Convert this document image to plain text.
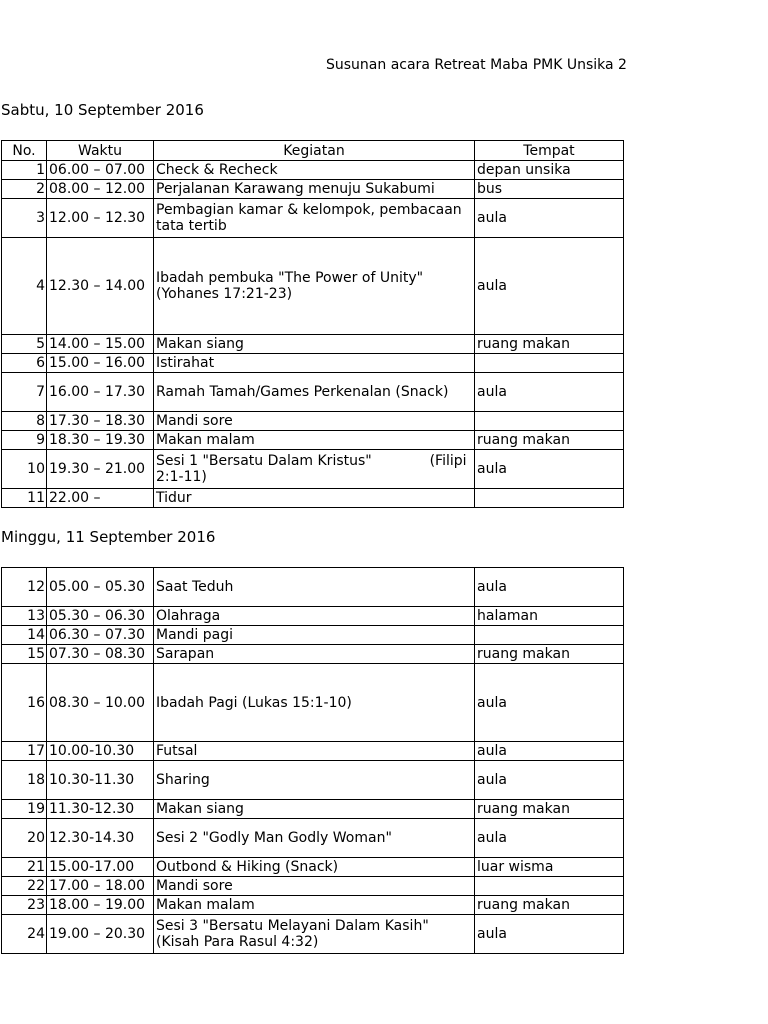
Susunan acara Retreat Maba PMK Unsika 2
Sabtu, 10 September 2016
No.	Waktu	Kegiatan	Tempat
1	06.00 – 07.00	Check & Recheck	depan unsika
2	08.00 – 12.00	Perjalanan Karawang menuju Sukabumi	bus
3	12.00 – 12.30	Pembagian kamar & kelompok, pembacaan tata tertib	aula
4	12.30 – 14.00	Ibadah pembuka "The Power of Unity" (Yohanes 17:21-23)	aula
5	14.00 – 15.00	Makan siang	ruang makan
6	15.00 – 16.00	Istirahat	
7	16.00 – 17.30	Ramah Tamah/Games Perkenalan (Snack)	aula
8	17.30 – 18.30	Mandi sore	
9	18.30 – 19.30	Makan malam	ruang makan
10	19.30 – 21.00	Sesi 1 "Bersatu Dalam Kristus"             (Filipi 2:1-11)	aula
11	22.00 –	Tidur	
Minggu, 11 September 2016
12	05.00 – 05.30	Saat Teduh	aula
13	05.30 – 06.30	Olahraga	halaman
14	06.30 – 07.30	Mandi pagi	
15	07.30 – 08.30	Sarapan	ruang makan
16	08.30 – 10.00	Ibadah Pagi (Lukas 15:1-10)	aula
17	10.00-10.30	Futsal	aula
18	10.30-11.30	Sharing	aula
19	11.30-12.30	Makan siang	ruang makan
20	12.30-14.30	Sesi 2 "Godly Man Godly Woman"	aula
21	15.00-17.00	Outbond & Hiking (Snack)	luar wisma
22	17.00 – 18.00	Mandi sore	
23	18.00 – 19.00	Makan malam	ruang makan
24	19.00 – 20.30	Sesi 3 "Bersatu Melayani Dalam Kasih" (Kisah Para Rasul 4:32)	aula
